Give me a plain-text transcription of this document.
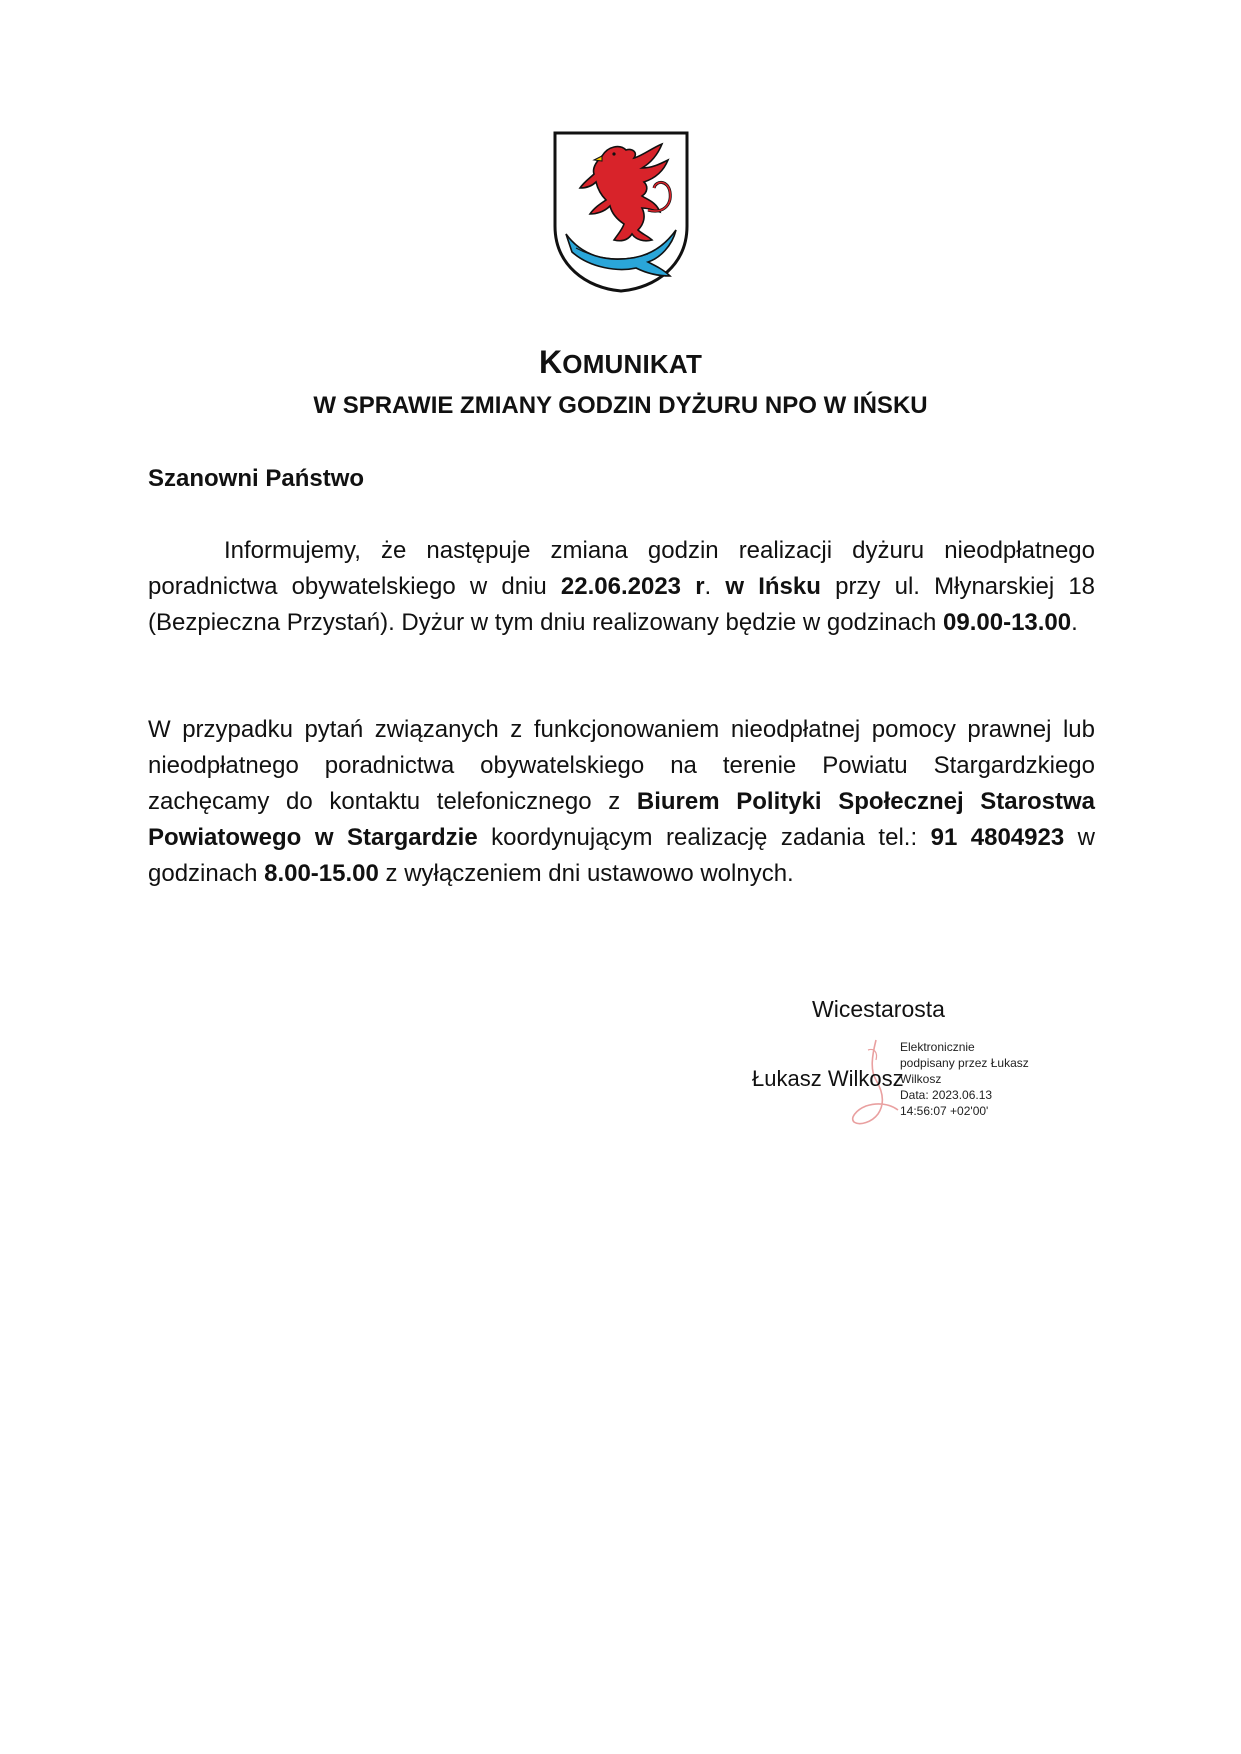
KOMUNIKAT
W SPRAWIE ZMIANY GODZIN DYŻURU NPO W IŃSKU
Szanowni Państwo
Informujemy, że następuje zmiana godzin realizacji dyżuru nieodpłatnego poradnictwa obywatelskiego w dniu 22.06.2023 r. w Ińsku przy ul. Młynarskiej 18 (Bezpieczna Przystań). Dyżur w tym dniu realizowany będzie w godzinach 09.00-13.00.
W przypadku pytań związanych z funkcjonowaniem nieodpłatnej pomocy prawnej lub nieodpłatnego poradnictwa obywatelskiego na terenie Powiatu Stargardzkiego zachęcamy do kontaktu telefonicznego z Biurem Polityki Społecznej Starostwa Powiatowego w Stargardzie koordynującym realizację zadania tel.: 91 4804923 w godzinach 8.00-15.00 z wyłączeniem dni ustawowo wolnych.
Wicestarosta
Łukasz Wilkosz
Elektronicznie
podpisany przez Łukasz
Wilkosz
Data: 2023.06.13
14:56:07 +02'00'
